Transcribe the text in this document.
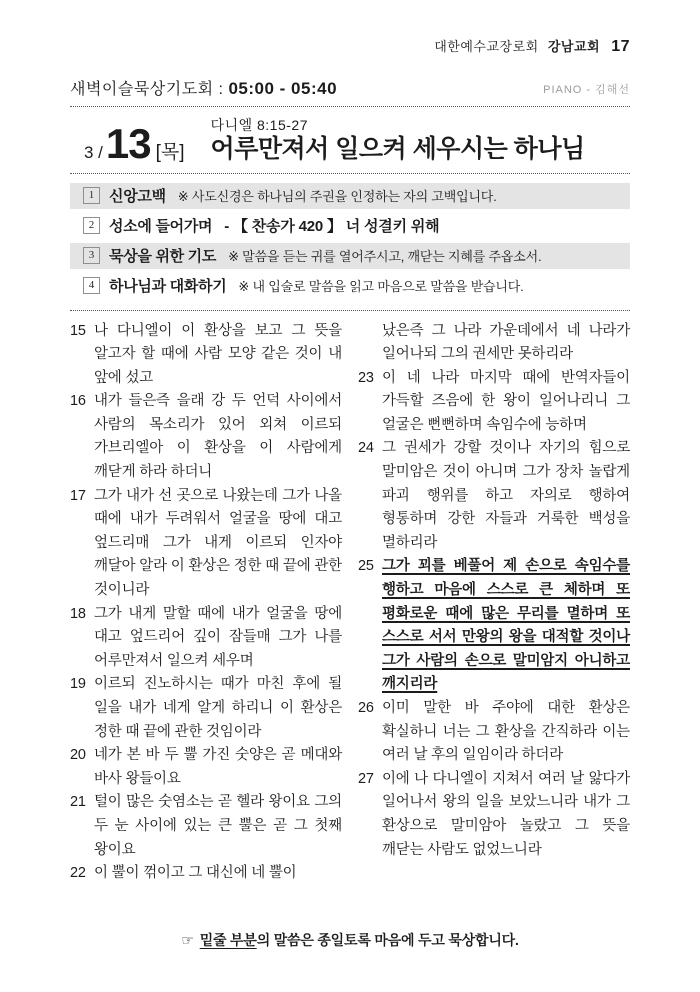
대한예수교장로회 강남교회 17
새벽이슬묵상기도회 : 05:00 - 05:40	PIANO - 김해선
3 / 13 [목]
다니엘 8:15-27
어루만져서 일으켜 세우시는 하나님
1 신앙고백 ※ 사도신경은 하나님의 주권을 인정하는 자의 고백입니다.
2 성소에 들어가며 - 【 찬송가 420 】 너 성결키 위해
3 묵상을 위한 기도 ※ 말씀을 듣는 귀를 열어주시고, 깨닫는 지혜를 주옵소서.
4 하나님과 대화하기 ※ 내 입술로 말씀을 읽고 마음으로 말씀을 받습니다.
15 나 다니엘이 이 환상을 보고 그 뜻을 알고자 할 때에 사람 모양 같은 것이 내 앞에 섰고
16 내가 들은즉 을래 강 두 언덕 사이에서 사람의 목소리가 있어 외쳐 이르되 가브리엘아 이 환상을 이 사람에게 깨닫게 하라 하더니
17 그가 내가 선 곳으로 나왔는데 그가 나올 때에 내가 두려워서 얼굴을 땅에 대고 엎드리매 그가 내게 이르되 인자야 깨달아 알라 이 환상은 정한 때 끝에 관한 것이니라
18 그가 내게 말할 때에 내가 얼굴을 땅에 대고 엎드리어 깊이 잠들매 그가 나를 어루만져서 일으켜 세우며
19 이르되 진노하시는 때가 마친 후에 될 일을 내가 네게 알게 하리니 이 환상은 정한 때 끝에 관한 것임이라
20 네가 본 바 두 뿔 가진 숫양은 곧 메대와 바사 왕들이요
21 털이 많은 숫염소는 곧 헬라 왕이요 그의 두 눈 사이에 있는 큰 뿔은 곧 그 첫째 왕이요
22 이 뿔이 꺾이고 그 대신에 네 뿔이
났은즉 그 나라 가운데에서 네 나라가 일어나되 그의 권세만 못하리라
23 이 네 나라 마지막 때에 반역자들이 가득할 즈음에 한 왕이 일어나리니 그 얼굴은 뻔뻔하며 속임수에 능하며
24 그 권세가 강할 것이나 자기의 힘으로 말미암은 것이 아니며 그가 장차 놀랍게 파괴 행위를 하고 자의로 행하여 형통하며 강한 자들과 거룩한 백성을 멸하리라
25 그가 꾀를 베풀어 제 손으로 속임수를 행하고 마음에 스스로 큰 체하며 또 평화로운 때에 많은 무리를 멸하며 또 스스로 서서 만왕의 왕을 대적할 것이나 그가 사람의 손으로 말미암지 아니하고 깨지리라
26 이미 말한 바 주야에 대한 환상은 확실하니 너는 그 환상을 간직하라 이는 여러 날 후의 일임이라 하더라
27 이에 나 다니엘이 지쳐서 여러 날 앓다가 일어나서 왕의 일을 보았느니라 내가 그 환상으로 말미암아 놀랐고 그 뜻을 깨닫는 사람도 없었느니라
☞ 밑줄 부분의 말씀은 종일토록 마음에 두고 묵상합니다.
